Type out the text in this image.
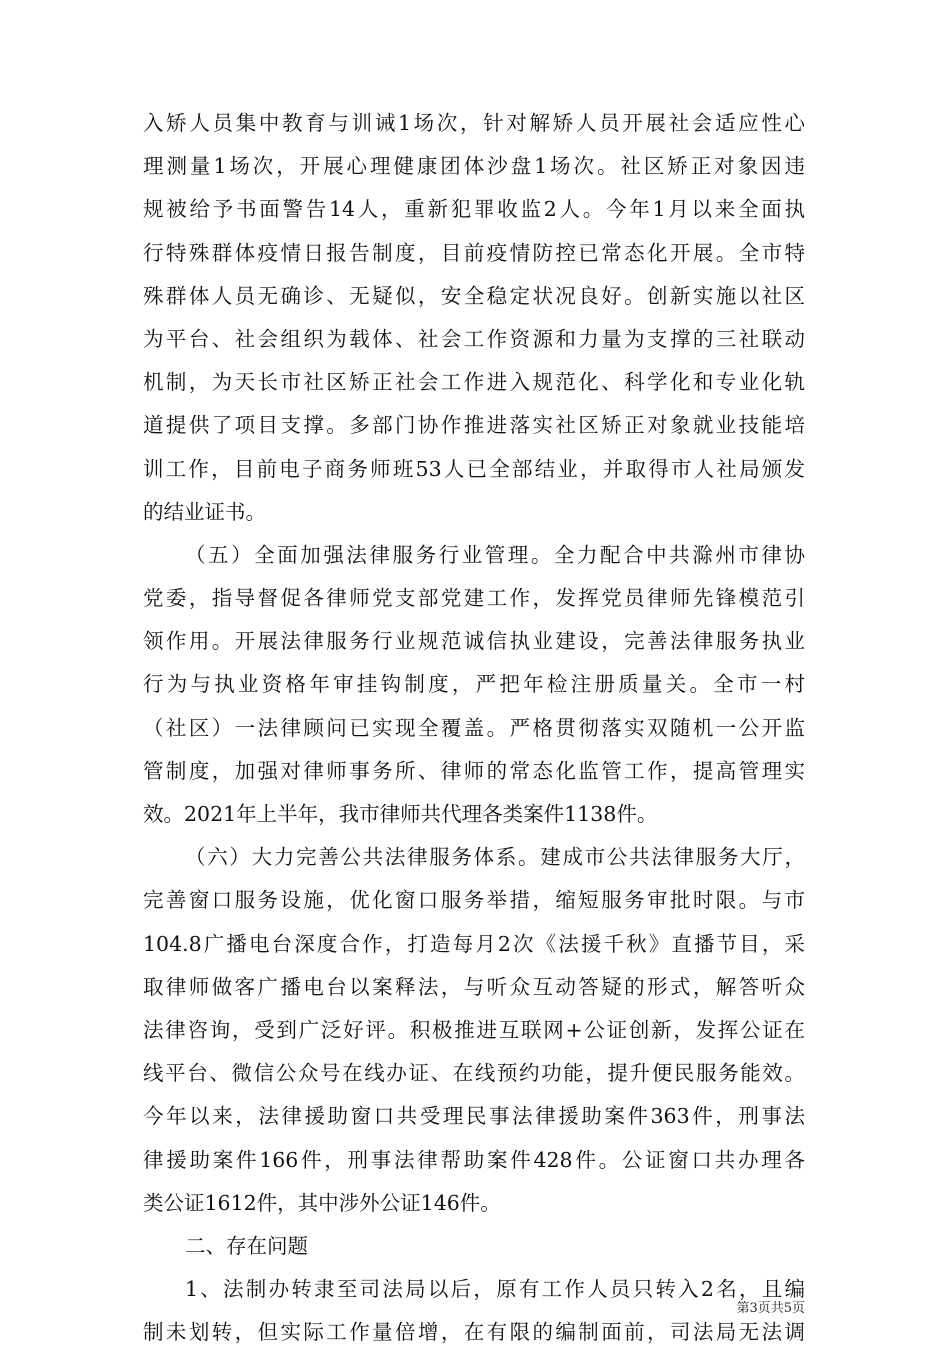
入矫人员集中教育与训诫1场次，针对解矫人员开展社会适应性心
理测量1场次，开展心理健康团体沙盘1场次。社区矫正对象因违
规被给予书面警告14人，重新犯罪收监2人。今年1月以来全面执
行特殊群体疫情日报告制度，目前疫情防控已常态化开展。全市特
殊群体人员无确诊、无疑似，安全稳定状况良好。创新实施以社区
为平台、社会组织为载体、社会工作资源和力量为支撑的三社联动
机制，为天长市社区矫正社会工作进入规范化、科学化和专业化轨
道提供了项目支撑。多部门协作推进落实社区矫正对象就业技能培
训工作，目前电子商务师班53人已全部结业，并取得市人社局颁发
的结业证书。
（五）全面加强法律服务行业管理。全力配合中共滁州市律协
党委，指导督促各律师党支部党建工作，发挥党员律师先锋模范引
领作用。开展法律服务行业规范诚信执业建设，完善法律服务执业
行为与执业资格年审挂钩制度，严把年检注册质量关。全市一村
（社区）一法律顾问已实现全覆盖。严格贯彻落实双随机一公开监
管制度，加强对律师事务所、律师的常态化监管工作，提高管理实
效。2021年上半年，我市律师共代理各类案件1138件。
（六）大力完善公共法律服务体系。建成市公共法律服务大厅，
完善窗口服务设施，优化窗口服务举措，缩短服务审批时限。与市
104.8广播电台深度合作，打造每月2次《法援千秋》直播节目，采
取律师做客广播电台以案释法，与听众互动答疑的形式，解答听众
法律咨询，受到广泛好评。积极推进互联网+公证创新，发挥公证在
线平台、微信公众号在线办证、在线预约功能，提升便民服务能效。
今年以来，法律援助窗口共受理民事法律援助案件363件，刑事法
律援助案件166件，刑事法律帮助案件428件。公证窗口共办理各
类公证1612件，其中涉外公证146件。
二、存在问题
1、法制办转隶至司法局以后，原有工作人员只转入2名，且编
制未划转，但实际工作量倍增，在有限的编制面前，司法局无法调
第3页共5页
